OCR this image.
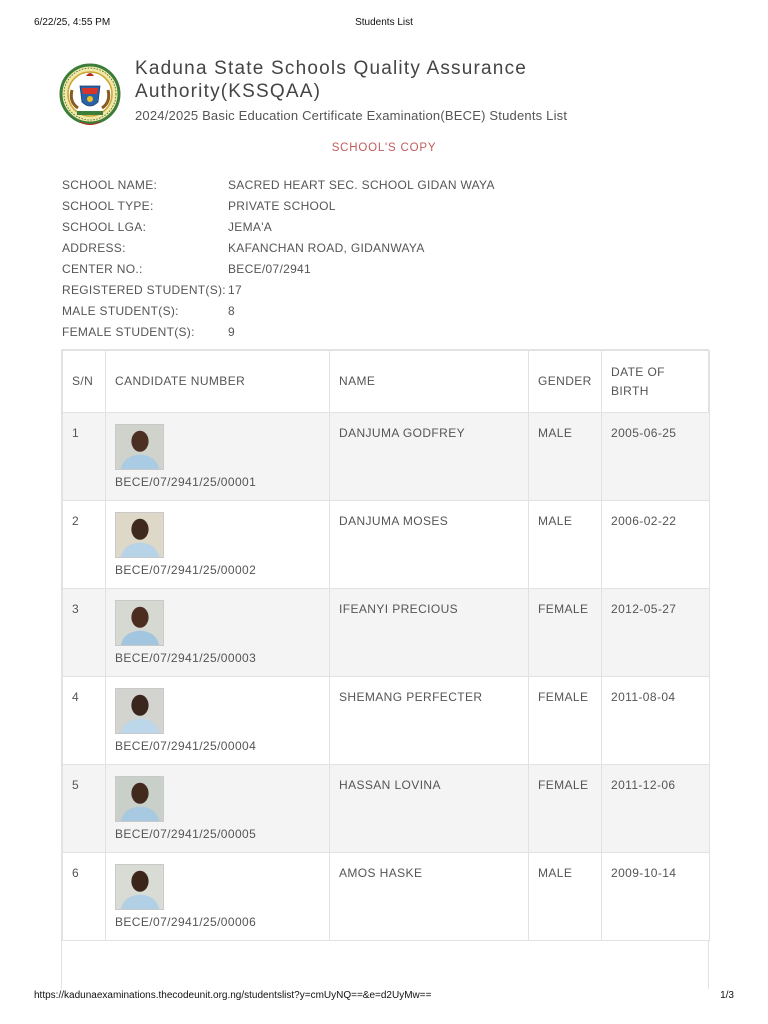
6/22/25, 4:55 PM	Students List
Kaduna State Schools Quality Assurance Authority(KSSQAA)
2024/2025 Basic Education Certificate Examination(BECE) Students List
SCHOOL'S COPY
SCHOOL NAME:	SACRED HEART SEC. SCHOOL GIDAN WAYA
SCHOOL TYPE:	PRIVATE SCHOOL
SCHOOL LGA:	JEMA'A
ADDRESS:	KAFANCHAN ROAD, GIDANWAYA
CENTER NO.:	BECE/07/2941
REGISTERED STUDENT(S): 17
MALE STUDENT(S):	8
FEMALE STUDENT(S):	9
S/N	CANDIDATE NUMBER	NAME	GENDER	DATE OF BIRTH
1	BECE/07/2941/25/00001	DANJUMA GODFREY	MALE	2005-06-25
2	BECE/07/2941/25/00002	DANJUMA MOSES	MALE	2006-02-22
3	BECE/07/2941/25/00003	IFEANYI PRECIOUS	FEMALE	2012-05-27
4	BECE/07/2941/25/00004	SHEMANG PERFECTER	FEMALE	2011-08-04
5	BECE/07/2941/25/00005	HASSAN LOVINA	FEMALE	2011-12-06
6	BECE/07/2941/25/00006	AMOS HASKE	MALE	2009-10-14
https://kadunaexaminations.thecodeunit.org.ng/studentslist?y=cmUyNQ==&e=d2UyMw==	1/3
